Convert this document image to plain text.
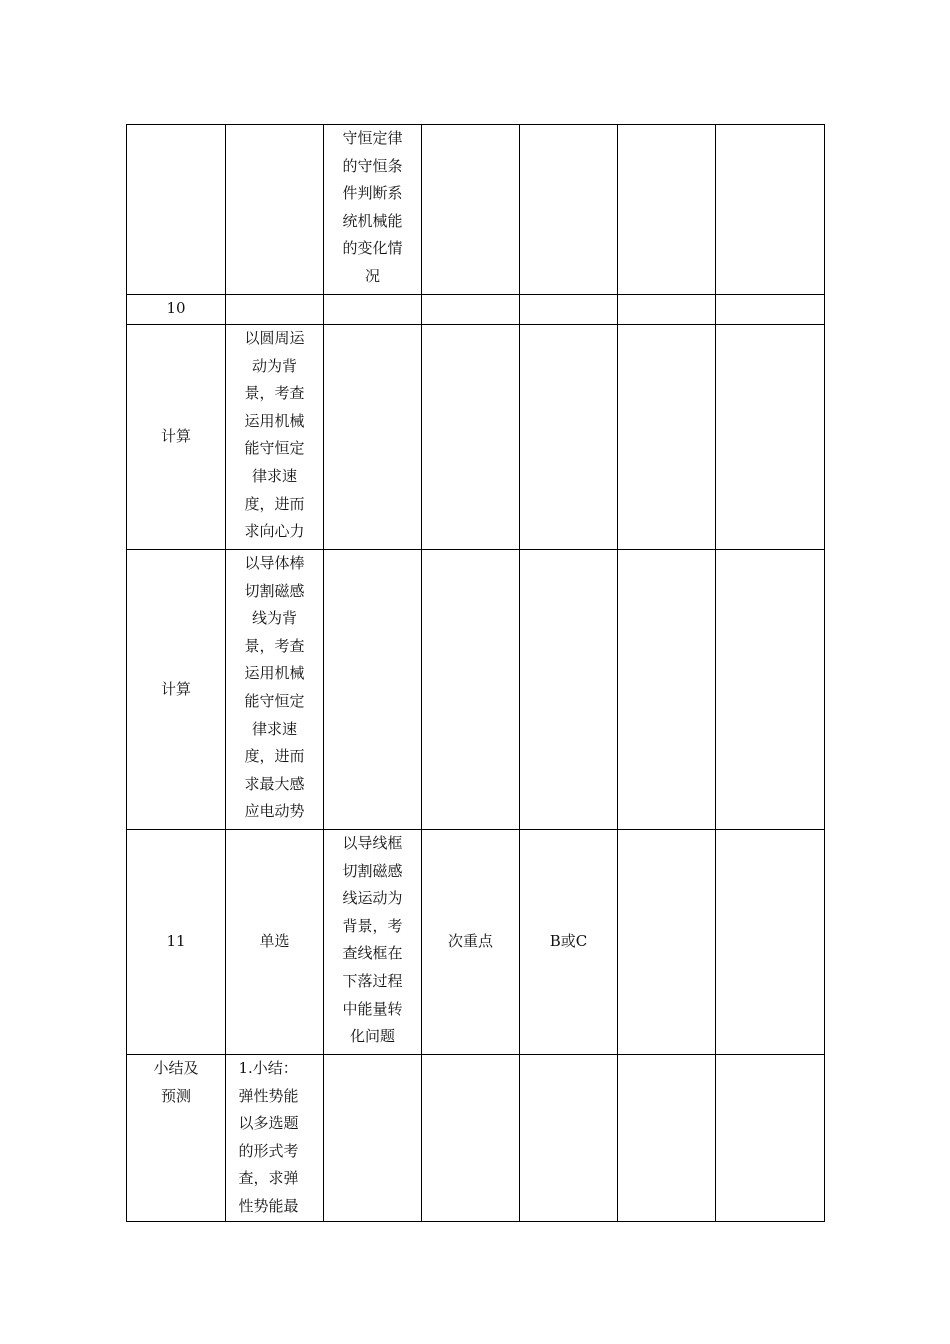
		守恒定律的守恒条件判断系统机械能的变化情况				

10						

计算	以圆周运动为背景，考查运用机械能守恒定律求速度，进而求向心力					

计算	以导体棒切割磁感线为背景，考查运用机械能守恒定律求速度，进而求最大感应电动势					

11	单选	以导线框切割磁感线运动为背景，考查线框在下落过程中能量转化问题	次重点	B或C		

小结及预测	1.小结：弹性势能以多选题的形式考查，求弹性势能最					
